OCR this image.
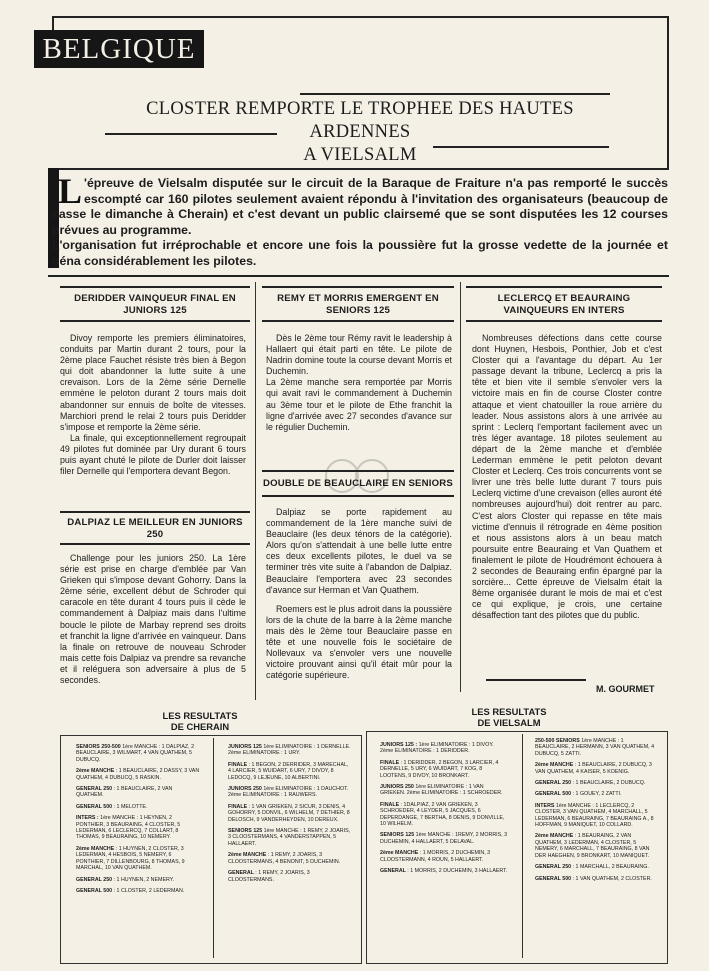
BELGIQUE
CLOSTER REMPORTE LE TROPHEE DES HAUTES ARDENNES
A VIELSALM
L 'épreuve de Vielsalm disputée sur le circuit de la Baraque de Fraiture n'a pas remporté le succès escompté car 160 pilotes seulement avaient répondu à l'invitation des organisateurs (beaucoup de casse le dimanche à Cherain) et c'est devant un public clairsemé que se sont disputées les 12 courses prévues au programme.
L'organisation fut irréprochable et encore une fois la poussière fut la grosse vedette de la journée et géna considérablement les pilotes.
DERIDDER VAINQUEUR FINAL EN JUNIORS 125

Divoy remporte les premiers éliminatoires, conduits par Martin durant 2 tours, pour la 2ème place Fauchet résiste très bien à Begon qui doit abandonner la lutte suite à une crevaison. Lors de la 2ème série Dernelle emmène le peloton durant 2 tours mais doit abandonner sur ennuis de boîte de vitesses. Marchiori prend le relai 2 tours puis Deridder s'impose et remporte la 2ème série.

La finale, qui exceptionnellement regroupait 49 pilotes fut dominée par Ury durant 6 tours puis ayant chuté le pilote de Durler doit laisser filer Dernelle qui l'emportera devant Begon.

DALPIAZ LE MEILLEUR EN JUNIORS 250

Challenge pour les juniors 250. La 1ère série est prise en charge d'emblée par Van Grieken qui s'impose devant Gohorry. Dans la 2ème série, excellent début de Schroder qui caracole en tête durant 4 tours puis il cède le commandement à Dalpiaz mais dans l'ultime boucle le pilote de Marbay reprend ses droits et franchit la ligne d'arrivée en vainqueur. Dans la finale on retrouve de nouveau Schroder mais cette fois Dalpiaz va prendre sa revanche et il reléguera son adversaire à plus de 5 secondes.

REMY ET MORRIS EMERGENT EN SENIORS 125

Dès le 2ème tour Rémy ravit le leadership à Hallaert qui était parti en tête. Le pilote de Nadrin domine toute la course devant Morris et Duchemin.

La 2ème manche sera remportée par Morris qui avait ravi le commandement à Duchemin au 3ème tour et le pilote de Ethe franchit la ligne d'arrivée avec 27 secondes d'avance sur le régulier Duchemin.

DOUBLE DE BEAUCLAIRE EN SENIORS

Dalpiaz se porte rapidement au commandement de la 1ère manche suivi de Beauclaire (les deux ténors de la catégorie). Alors qu'on s'attendait à une belle lutte entre ces deux excellents pilotes, le duel va se terminer très vite suite à l'abandon de Dalpiaz. Beauclaire l'emportera avec 23 secondes d'avance sur Herman et Van Quathem.

Roemers est le plus adroit dans la poussière lors de la chute de la barre à la 2ème manche mais dès le 2ème tour Beauclaire passe en tête et une nouvelle fois le sociétaire de Nollevaux va s'envoler vers une nouvelle victoire prouvant ainsi qu'il était mûr pour la catégorie supérieure.

LECLERCQ ET BEAURAING VAINQUEURS EN INTERS

Nombreuses défections dans cette course dont Huynen, Hesbois, Ponthier, Job et c'est Closter qui a l'avantage du départ. Au 1er passage devant la tribune, Leclercq a pris la tête et bien vite il semble s'envoler vers la victoire mais en fin de course Closter contre attaque et vient chatouiller la roue arrière du leader. Nous assistons alors à une arrivée au sprint : Leclerq l'emportant facilement avec un très léger avantage. 18 pilotes seulement au départ de la 2ème manche et d'emblée Lederman emmène le petit peloton devant Closter et Leclerq. Ces trois concurrents vont se livrer une très belle lutte durant 7 tours puis Leclerq victime d'une crevaison (elles auront été nombreuses aujourd'hui) doit rentrer au parc. C'est alors Closter qui repasse en tête mais victime d'ennuis il rétrograde en 4ème position et nous assistons alors à un beau match poursuite entre Beauraing et Van Quathem et finalement le pilote de Houdrémont échouera à 2 secondes de Beauraing enfin épargné par la sorcière... Cette épreuve de Vielsalm était la 8ème organisée durant le mois de mai et c'est ce qui explique, je crois, une certaine désaffection tant des pilotes que du public.

M. GOURMET
LES RESULTATS
DE CHERAIN

SENIORS 250-500 1ère MANCHE : 1 DALPIAZ, 2 BEAUCLAIRE, 3 WILMART, 4 VAN QUATHEM, 5 DUBUCQ.

2ème MANCHE : 1 BEAUCLAIRE, 2 DASSY, 3 VAN QUATHEM, 4 DUBUCQ, 5 RASKIN.

GENERAL 250 : 1 BEAUCLAIRE, 2 VAN QUATHEM.

GENERAL 500 : 1 MELOTTE.

INTERS : 1ère MANCHE : 1 HEYNEN, 2 PONTHIER, 3 BEAURAING, 4 CLOSTER, 5 LEDERMAN, 6 LECLERCQ, 7 COLLART, 8 THOMAS, 9 BEAURAING, 10 NEMERY.

2ème MANCHE : 1 HUYNEN, 2 CLOSTER, 3 LEDERMAN, 4 HESBOIS, 5 NEMERY, 6 PONTHIER, 7 DILLENBOURG, 8 THOMAS, 9 MARCHAL, 10 VAN QUATHEM.

GENERAL 250 : 1 HUYNEN, 2 NEMERY.

GENERAL 500 : 1 CLOSTER, 2 LEDERMAN.

JUNIORS 125 1ère ELIMINATOIRE : 1 DERNELLE. 2ème ELIMINATOIRE : 1 URY.

FINALE : 1 BEGON, 2 DERRIDER, 3 MARECHAL, 4 LARCIER, 5 WUIDART, 6 URY, 7 DIVOY, 8 LEDOCQ, 9 LEJEUNE, 10 ALBERTINI.

JUNIORS 250 1ère ELIMINATOIRE : 1 DAUCHOT. 2ème ELIMINATOIRE : 1 RAUWERS.

FINALE : 1 VAN GRIEKEN, 2 SICUR, 3 DENIS, 4 GOHORRY, 5 DONVIL, 6 WILHELM, 7 DETHIER, 8 DELOSCH, 9 VANDERHEYDEN, 10 DEREUX.

SENIORS 125 1ère MANCHE : 1 REMY, 2 JOARIS, 3 CLOOSTERMANS, 4 VANDERSTAPPEN, 5 HALLAERT.

2ème MANCHE : 1 REMY, 2 JOARIS, 3 CLOOSTERMANS, 4 BENONIT, 5 DUCHEMIN.

GENERAL : 1 REMY, 2 JOARIS, 3 CLOOSTERMANS.

LES RESULTATS
DE VIELSALM

JUNIORS 125 : 1ère ELIMINATOIRE : 1 DIVOY. 2ème ELIMINATOIRE : 1 DERIDDER.

FINALE : 1 DERIDDER, 2 BEGON, 3 LARCIER, 4 DERNELLE, 5 URY, 6 WUIDART, 7 KOG, 8 LOOTENS, 9 DIVOY, 10 BRONKART.

JUNIORS 250 1ère ELIMINATOIRE : 1 VAN GRIEKEN. 2ème ELIMINATOIRE : 1 SCHROEDER.

FINALE : 1DALPIAZ, 2 VAN GRIEKEN, 3 SCHROEDER, 4 LEYDER, 5 JACQUES, 6 DEPERDANGE, 7 BERTHA, 8 DENIS, 9 DONVILLE, 10 WILHELM.

SENIORS 125 1ère MANCHE : 1REMY, 2 MORRIS, 3 DUCHEMIN, 4 HALLAERT, 5 DELAVAL.

2ème MANCHE : 1 MORRIS, 2 DUCHEMIN, 3 CLOOSTERMANN, 4 ROUN, 5 HALLAERT.

GENERAL : 1 MORRIS, 2 DUCHEMIN, 3 HALLAERT.

250-500 SENIORS 1ère MANCHE : 1 BEAUCLAIRE, 2 HERMANN, 3 VAN QUATHEM, 4 DUBUCQ, 5 ZATTI.

2ème MANCHE : 1 BEAUCLAIRE, 2 DUBUCQ, 3 VAN QUATHEM, 4 KAISER, 5 KOENIG.

GENERAL 250 : 1 BEAUCLAIRE, 2 DUBUCQ.

GENERAL 500 : 1 GOUEY, 2 ZATTI.

INTERS 1ère MANCHE : 1 LECLERCQ, 2 CLOSTER, 3 VAN QUATHEM, 4 MARCHALL, 5 LEDERMAN, 6 BEAURAING, 7 BEAURAING A., 8 HOFFMAN, 9 MANIQUET, 10 COLLARD.

2ème MANCHE : 1 BEAURAING, 2 VAN QUATHEM, 3 LEDERMAN, 4 CLOSTER, 5 NEMERY, 6 MARCHALL, 7 BEAURAING, 8 VAN DER HAEGHEN, 9 BRONKART, 10 MANIQUET.

GENERAL 250 : 1 MARCHALL, 2 BEAURAING.

GENERAL 500 : 1 VAN QUATHEM, 2 CLOSTER.
